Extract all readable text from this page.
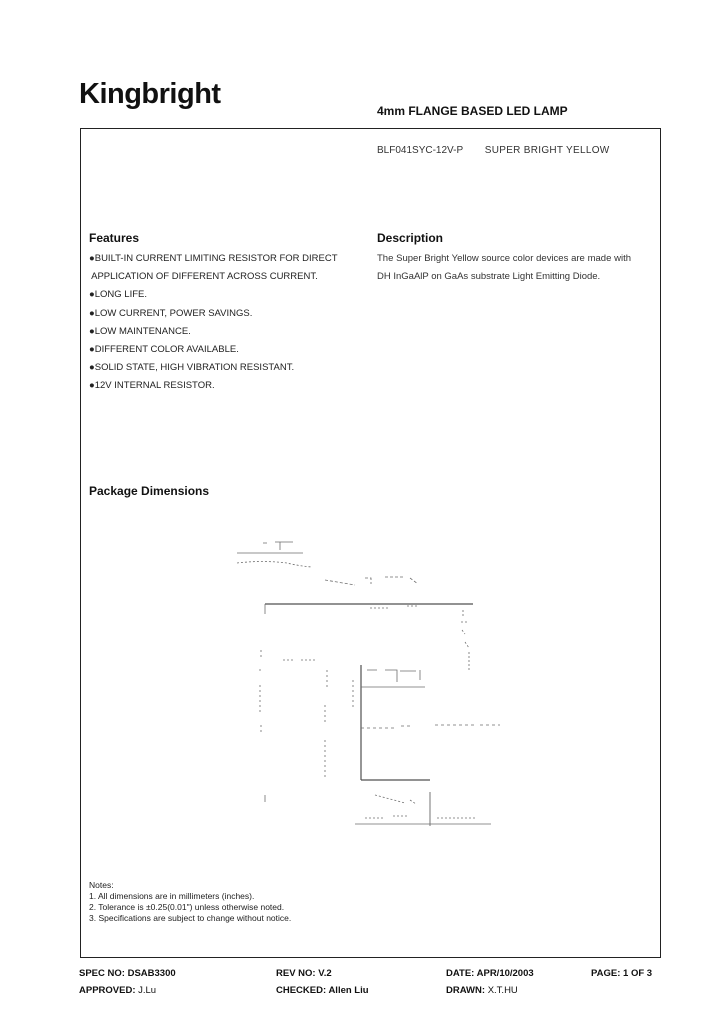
Kingbright
4mm FLANGE BASED LED LAMP
BLF041SYC-12V-P SUPER BRIGHT YELLOW
Features
●BUILT-IN CURRENT LIMITING RESISTOR FOR DIRECT
APPLICATION OF DIFFERENT ACROSS CURRENT.
●LONG LIFE.
●LOW CURRENT, POWER SAVINGS.
●LOW MAINTENANCE.
●DIFFERENT COLOR AVAILABLE.
●SOLID STATE, HIGH VIBRATION RESISTANT.
●12V INTERNAL RESISTOR.
Description
The Super Bright Yellow source color devices are made with DH InGaAlP on GaAs substrate Light Emitting Diode.
Package Dimensions
Notes:
1. All dimensions are in millimeters (inches).
2. Tolerance is ±0.25(0.01") unless otherwise noted.
3. Specifications are subject to change without notice.
SPEC NO: DSAB3300	REV NO: V.2	DATE: APR/10/2003	PAGE: 1 OF 3
APPROVED: J.Lu	CHECKED: Allen Liu	DRAWN: X.T.HU
